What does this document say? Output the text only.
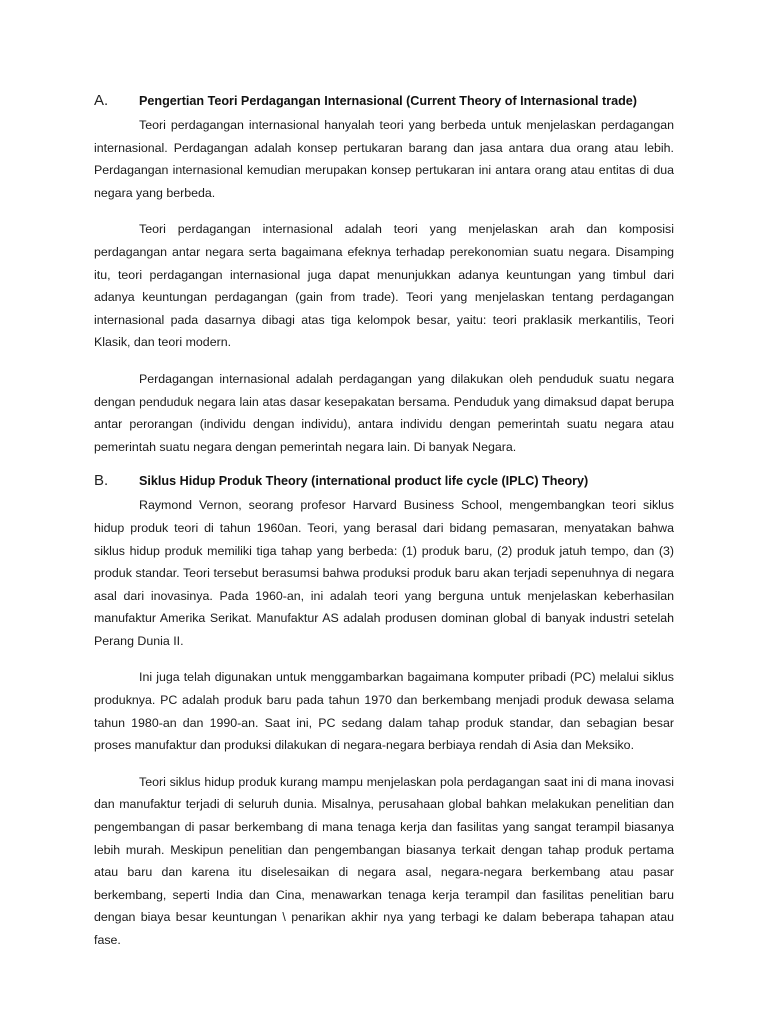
A.	Pengertian Teori Perdagangan Internasional (Current Theory of Internasional trade)

Teori perdagangan internasional hanyalah teori yang berbeda untuk menjelaskan perdagangan internasional. Perdagangan adalah konsep pertukaran barang dan jasa antara dua orang atau lebih. Perdagangan internasional kemudian merupakan konsep pertukaran ini antara orang atau entitas di dua negara yang berbeda.

Teori perdagangan internasional adalah teori yang menjelaskan arah dan komposisi perdagangan antar negara serta bagaimana efeknya terhadap perekonomian suatu negara. Disamping itu, teori perdagangan internasional juga dapat menunjukkan adanya keuntungan yang timbul dari adanya keuntungan perdagangan (gain from trade). Teori yang menjelaskan tentang perdagangan internasional pada dasarnya dibagi atas tiga kelompok besar, yaitu: teori praklasik merkantilis, Teori Klasik, dan teori modern.

Perdagangan internasional adalah perdagangan yang dilakukan oleh penduduk suatu negara dengan penduduk negara lain atas dasar kesepakatan bersama. Penduduk yang dimaksud dapat berupa antar perorangan (individu dengan individu), antara individu dengan pemerintah suatu negara atau pemerintah suatu negara dengan pemerintah negara lain. Di banyak Negara.

B.	Siklus Hidup Produk Theory (international product life cycle (IPLC) Theory)

Raymond Vernon, seorang profesor Harvard Business School, mengembangkan teori siklus hidup produk teori di tahun 1960an. Teori, yang berasal dari bidang pemasaran, menyatakan bahwa siklus hidup produk memiliki tiga tahap yang berbeda: (1) produk baru, (2) produk jatuh tempo, dan (3) produk standar. Teori tersebut berasumsi bahwa produksi produk baru akan terjadi sepenuhnya di negara asal dari inovasinya. Pada 1960-an, ini adalah teori yang berguna untuk menjelaskan keberhasilan manufaktur Amerika Serikat. Manufaktur AS adalah produsen dominan global di banyak industri setelah Perang Dunia II.

Ini juga telah digunakan untuk menggambarkan bagaimana komputer pribadi (PC) melalui siklus produknya. PC adalah produk baru pada tahun 1970 dan berkembang menjadi produk dewasa selama tahun 1980-an dan 1990-an. Saat ini, PC sedang dalam tahap produk standar, dan sebagian besar proses manufaktur dan produksi dilakukan di negara-negara berbiaya rendah di Asia dan Meksiko.

Teori siklus hidup produk kurang mampu menjelaskan pola perdagangan saat ini di mana inovasi dan manufaktur terjadi di seluruh dunia. Misalnya, perusahaan global bahkan melakukan penelitian dan pengembangan di pasar berkembang di mana tenaga kerja dan fasilitas yang sangat terampil biasanya lebih murah. Meskipun penelitian dan pengembangan biasanya terkait dengan tahap produk pertama atau baru dan karena itu diselesaikan di negara asal, negara-negara berkembang atau pasar berkembang, seperti India dan Cina, menawarkan tenaga kerja terampil dan fasilitas penelitian baru dengan biaya besar keuntungan \ penarikan akhir nya yang terbagi ke dalam beberapa tahapan atau fase.
